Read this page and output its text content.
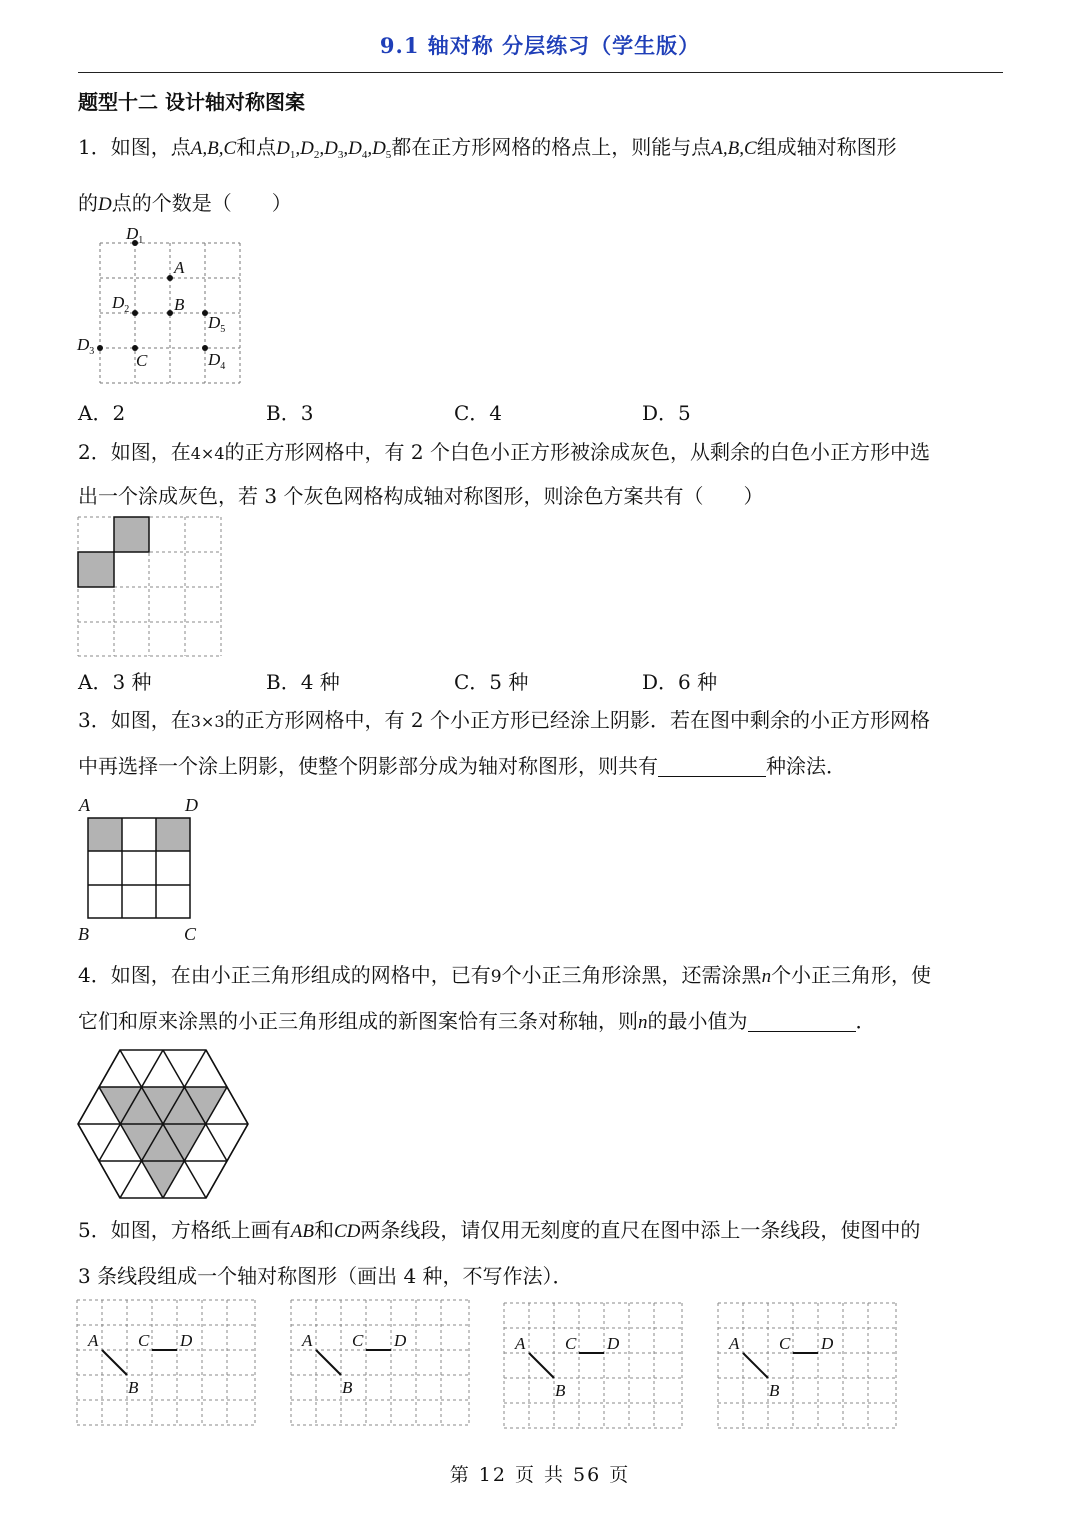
9.1 轴对称 分层练习（学生版）
题型十二 设计轴对称图案
1．如图，点A,B,C和点$D_1,D_2,D_3,D_4,D_5$都在正方形网格的格点上，则能与点A,B,C组成轴对称图形
的D点的个数是（　　）
$D_1$
A
$D_2$	B
$D_5$
$D_3$ C	$D_4$
A．2	B．3	C．4	D．5
2．如图，在4×4的正方形网格中，有 2 个白色小正方形被涂成灰色，从剩余的白色小正方形中选
出一个涂成灰色，若 3 个灰色网格构成轴对称图形，则涂色方案共有（　　）
A．3 种	B．4 种	C．5 种	D．6 种
3．如图，在3×3的正方形网格中，有 2 个小正方形已经涂上阴影．若在图中剩余的小正方形网格
中再选择一个涂上阴影，使整个阴影部分成为轴对称图形，则共有	种涂法．
A	D
B	C
4．如图，在由小正三角形组成的网格中，已有9个小正三角形涂黑，还需涂黑n个小正三角形，使
它们和原来涂黑的小正三角形组成的新图案恰有三条对称轴，则n的最小值为	．
5．如图，方格纸上画有AB和CD两条线段，请仅用无刻度的直尺在图中添上一条线段，使图中的
3 条线段组成一个轴对称图形（画出 4 种，不写作法）．
A
B
C D	A
B
C D	A
B
C D	A
B
C D
第 12 页 共 56 页
